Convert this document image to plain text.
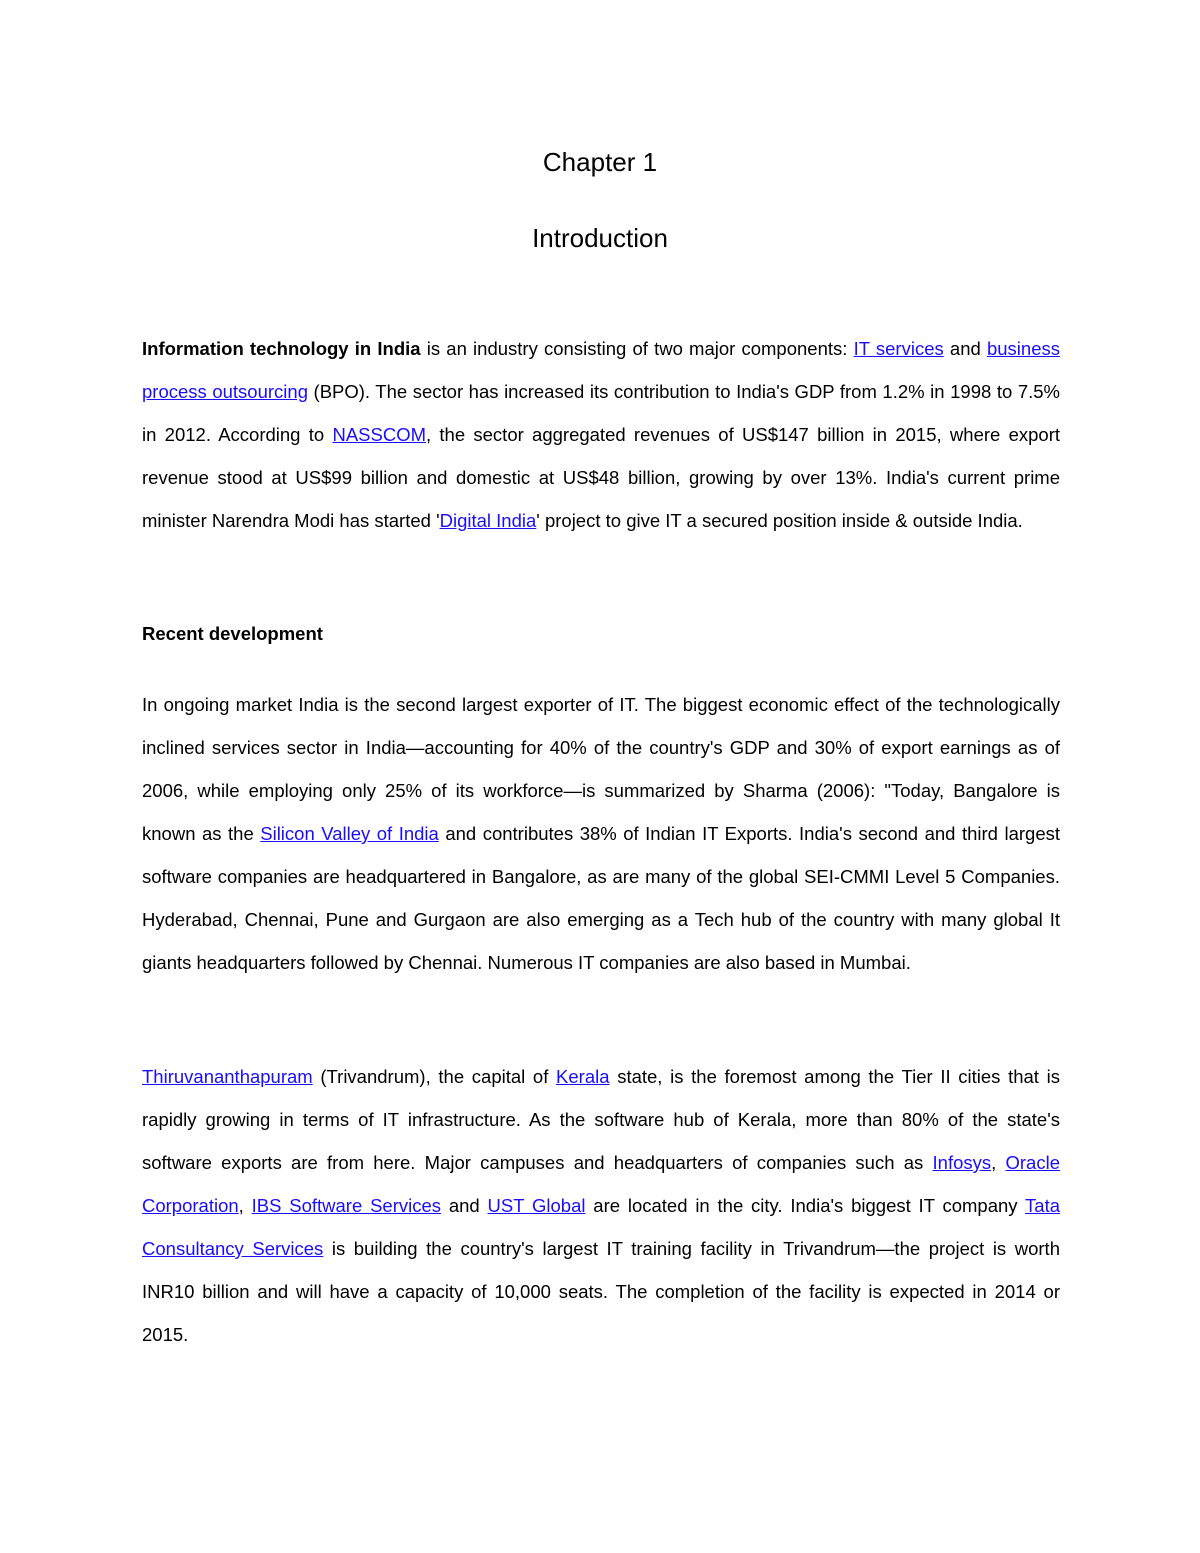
Chapter 1
Introduction

Information technology in India is an industry consisting of two major components: IT services and business process outsourcing (BPO). The sector has increased its contribution to India's GDP from 1.2% in 1998 to 7.5% in 2012. According to NASSCOM, the sector aggregated revenues of US$147 billion in 2015, where export revenue stood at US$99 billion and domestic at US$48 billion, growing by over 13%. India's current prime minister Narendra Modi has started 'Digital India' project to give IT a secured position inside & outside India.

Recent development

In ongoing market India is the second largest exporter of IT. The biggest economic effect of the technologically inclined services sector in India—accounting for 40% of the country's GDP and 30% of export earnings as of 2006, while employing only 25% of its workforce—is summarized by Sharma (2006): "Today, Bangalore is known as the Silicon Valley of India and contributes 38% of Indian IT Exports. India's second and third largest software companies are headquartered in Bangalore, as are many of the global SEI-CMMI Level 5 Companies. Hyderabad, Chennai, Pune and Gurgaon are also emerging as a Tech hub of the country with many global It giants headquarters followed by Chennai. Numerous IT companies are also based in Mumbai.

Thiruvananthapuram (Trivandrum), the capital of Kerala state, is the foremost among the Tier II cities that is rapidly growing in terms of IT infrastructure. As the software hub of Kerala, more than 80% of the state's software exports are from here. Major campuses and headquarters of companies such as Infosys, Oracle Corporation, IBS Software Services and UST Global are located in the city. India's biggest IT company Tata Consultancy Services is building the country's largest IT training facility in Trivandrum—the project is worth INR10 billion and will have a capacity of 10,000 seats. The completion of the facility is expected in 2014 or 2015.
